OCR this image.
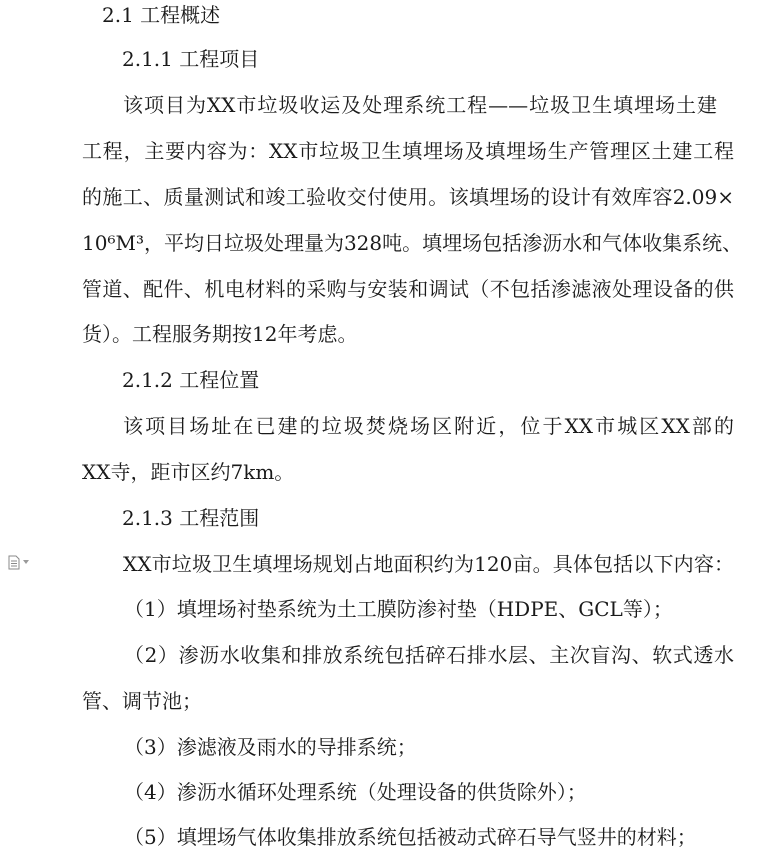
2.1 工程概述
2.1.1 工程项目
该项目为XX市垃圾收运及处理系统工程——垃圾卫生填埋场土建
工程，主要内容为：XX市垃圾卫生填埋场及填埋场生产管理区土建工程
的施工、质量测试和竣工验收交付使用。该填埋场的设计有效库容2.09×
10⁶M³，平均日垃圾处理量为328吨。填埋场包括渗沥水和气体收集系统、
管道、配件、机电材料的采购与安装和调试（不包括渗滤液处理设备的供
货）。工程服务期按12年考虑。
2.1.2 工程位置
该项目场址在已建的垃圾焚烧场区附近，位于XX市城区XX部的
XX寺，距市区约7km。
2.1.3 工程范围
XX市垃圾卫生填埋场规划占地面积约为120亩。具体包括以下内容：
（1）填埋场衬垫系统为土工膜防渗衬垫（HDPE、GCL等）；
（2）渗沥水收集和排放系统包括碎石排水层、主次盲沟、软式透水
管、调节池；
（3）渗滤液及雨水的导排系统；
（4）渗沥水循环处理系统（处理设备的供货除外）；
（5）填埋场气体收集排放系统包括被动式碎石导气竖井的材料；
